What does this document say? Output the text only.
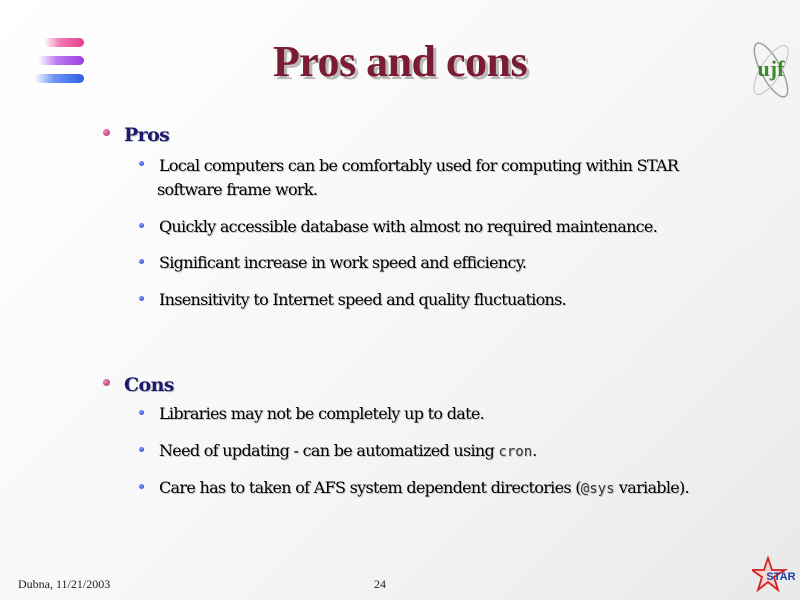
Pros and cons	ujf
Pros
Local computers can be comfortably used for computing within STAR
software frame work.
Quickly accessible database with almost no required maintenance.
Significant increase in work speed and efficiency.
Insensitivity to Internet speed and quality fluctuations.
Cons
Libraries may not be completely up to date.
Need of updating - can be automatized using cron.
Care has to taken of AFS system dependent directories (@sys variable).
Dubna, 11/21/2003	24	STAR
